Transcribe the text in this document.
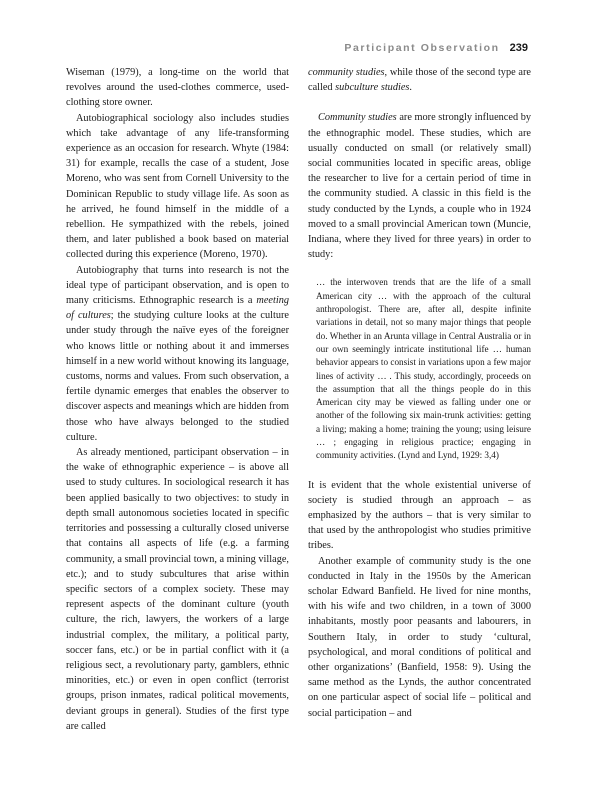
Participant Observation 239

Wiseman (1979), a long-time on the world that revolves around the used-clothes commerce, used-clothing store owner.

Autobiographical sociology also includes studies which take advantage of any life-transforming experience as an occasion for research. Whyte (1984: 31) for example, recalls the case of a student, Jose Moreno, who was sent from Cornell University to the Dominican Republic to study village life. As soon as he arrived, he found himself in the middle of a rebellion. He sympathized with the rebels, joined them, and later published a book based on material collected during this experience (Moreno, 1970).

Autobiography that turns into research is not the ideal type of participant observation, and is open to many criticisms. Ethnographic research is a meeting of cultures; the studying culture looks at the culture under study through the naïve eyes of the foreigner who knows little or nothing about it and immerses himself in a new world without knowing its language, customs, norms and values. From such observation, a fertile dynamic emerges that enables the observer to discover aspects and meanings which are hidden from those who have always belonged to the studied culture.

As already mentioned, participant observation – in the wake of ethnographic experience – is above all used to study cultures. In sociological research it has been applied basically to two objectives: to study in depth small autonomous societies located in specific territories and possessing a culturally closed universe that contains all aspects of life (e.g. a farming community, a small provincial town, a mining village, etc.); and to study subcultures that arise within specific sectors of a complex society. These may represent aspects of the dominant culture (youth culture, the rich, lawyers, the workers of a large industrial complex, the military, a political party, soccer fans, etc.) or be in partial conflict with it (a religious sect, a revolutionary party, gamblers, ethnic minorities, etc.) or even in open conflict (terrorist groups, prison inmates, radical political movements, deviant groups in general). Studies of the first type are called

community studies, while those of the second type are called subculture studies.

Community studies are more strongly influenced by the ethnographic model. These studies, which are usually conducted on small (or relatively small) social communities located in specific areas, oblige the researcher to live for a certain period of time in the community studied. A classic in this field is the study conducted by the Lynds, a couple who in 1924 moved to a small provincial American town (Muncie, Indiana, where they lived for three years) in order to study:

… the interwoven trends that are the life of a small American city … with the approach of the cultural anthropologist. There are, after all, despite infinite variations in detail, not so many major things that people do. Whether in an Arunta village in Central Australia or in our own seemingly intricate institutional life … human behavior appears to consist in variations upon a few major lines of activity … . This study, accordingly, proceeds on the assumption that all the things people do in this American city may be viewed as falling under one or another of the following six main-trunk activities: getting a living; making a home; training the young; using leisure … ; engaging in religious practice; engaging in community activities. (Lynd and Lynd, 1929: 3,4)

It is evident that the whole existential universe of society is studied through an approach – as emphasized by the authors – that is very similar to that used by the anthropologist who studies primitive tribes.

Another example of community study is the one conducted in Italy in the 1950s by the American scholar Edward Banfield. He lived for nine months, with his wife and two children, in a town of 3000 inhabitants, mostly poor peasants and labourers, in Southern Italy, in order to study ‘cultural, psychological, and moral conditions of political and other organizations’ (Banfield, 1958: 9). Using the same method as the Lynds, the author concentrated on one particular aspect of social life – political and social participation – and
